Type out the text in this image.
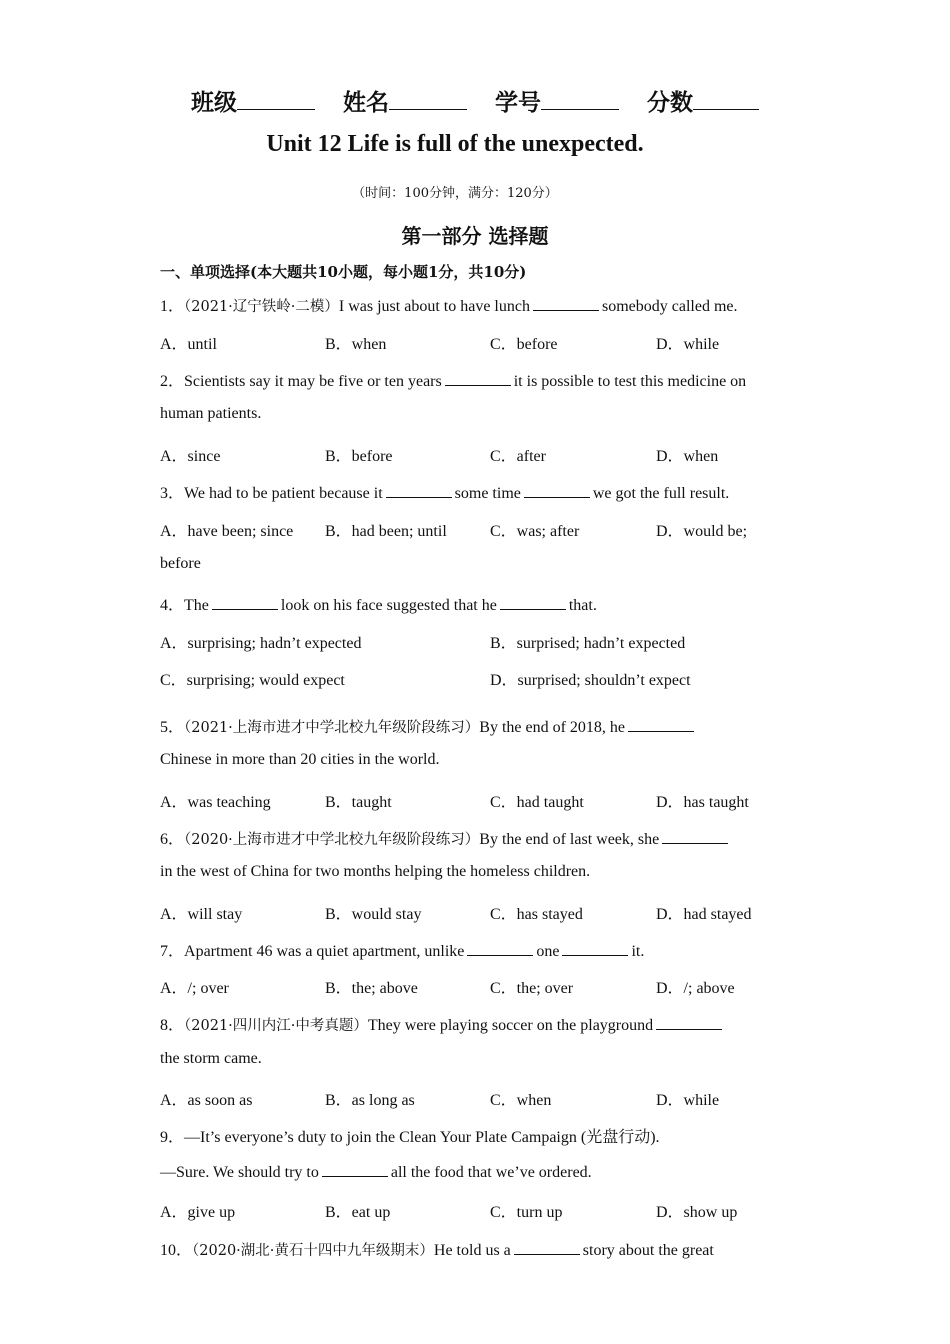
班级	姓名	学号	分数
Unit 12 Life is full of the unexpected.
（时间：100分钟，满分：120分）
第一部分 选择题
一、单项选择(本大题共10小题，每小题1分，共10分)
1．（2021·辽宁铁岭·二模）I was just about to have lunch	somebody called me.
A．until	B．when	C．before	D．while
2．Scientists say it may be five or ten years	it is possible to test this medicine on
human patients.
A．since	B．before	C．after	D．when
3．We had to be patient because it	some time	we got the full result.
A．have been; since B．had been; until	C．was; after	D．would be;
before
4．The	look on his face suggested that he	that.
A．surprising; hadn’t expected	B．surprised; hadn’t expected
C．surprising; would expect	D．surprised; shouldn’t expect
5．（2021·上海市进才中学北校九年级阶段练习）By the end of 2018, he
Chinese in more than 20 cities in the world.
A．was teaching	B．taught	C．had taught	D．has taught
6．（2020·上海市进才中学北校九年级阶段练习）By the end of last week, she
in the west of China for two months helping the homeless children.
A．will stay	B．would stay	C．has stayed	D．had stayed
7．Apartment 46 was a quiet apartment, unlike	one	it.
A．/; over	B．the; above	C．the; over	D．/; above
8．（2021·四川内江·中考真题）They were playing soccer on the playground
the storm came.
A．as soon as	B．as long as	C．when	D．while
9．—It’s everyone’s duty to join the Clean Your Plate Campaign (光盘行动).
—Sure. We should try to	all the food that we’ve ordered.
A．give up	B．eat up	C．turn up	D．show up
10．（2020·湖北·黄石十四中九年级期末）He told us a	story about the great
